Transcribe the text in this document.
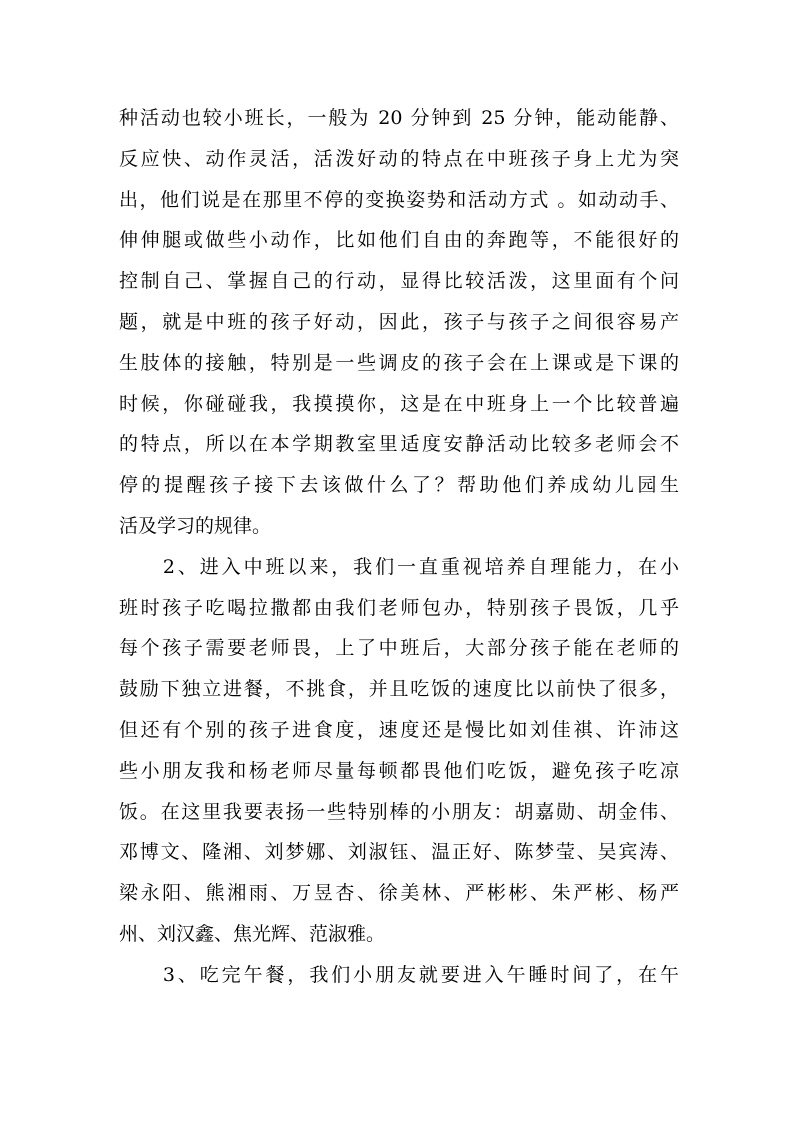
种活动也较小班长，一般为 20 分钟到 25 分钟，能动能静、
反应快、动作灵活，活泼好动的特点在中班孩子身上尤为突
出，他们说是在那里不停的变换姿势和活动方式 。如动动手、
伸伸腿或做些小动作，比如他们自由的奔跑等，不能很好的
控制自己、掌握自己的行动，显得比较活泼，这里面有个问
题，就是中班的孩子好动，因此，孩子与孩子之间很容易产
生肢体的接触，特别是一些调皮的孩子会在上课或是下课的
时候，你碰碰我，我摸摸你，这是在中班身上一个比较普遍
的特点，所以在本学期教室里适度安静活动比较多老师会不
停的提醒孩子接下去该做什么了？帮助他们养成幼儿园生
活及学习的规律。
　　2、进入中班以来，我们一直重视培养自理能力，在小
班时孩子吃喝拉撒都由我们老师包办，特别孩子畏饭，几乎
每个孩子需要老师畏，上了中班后，大部分孩子能在老师的
鼓励下独立进餐，不挑食，并且吃饭的速度比以前快了很多，
但还有个别的孩子进食度，速度还是慢比如刘佳祺、许沛这
些小朋友我和杨老师尽量每顿都畏他们吃饭，避免孩子吃凉
饭。在这里我要表扬一些特别棒的小朋友：胡嘉勋、胡金伟、
邓博文、隆湘、刘梦娜、刘淑钰、温正好、陈梦莹、吴宾涛、
梁永阳、熊湘雨、万昱杏、徐美林、严彬彬、朱严彬、杨严
州、刘汉鑫、焦光辉、范淑雅。
　　3、吃完午餐，我们小朋友就要进入午睡时间了，在午
